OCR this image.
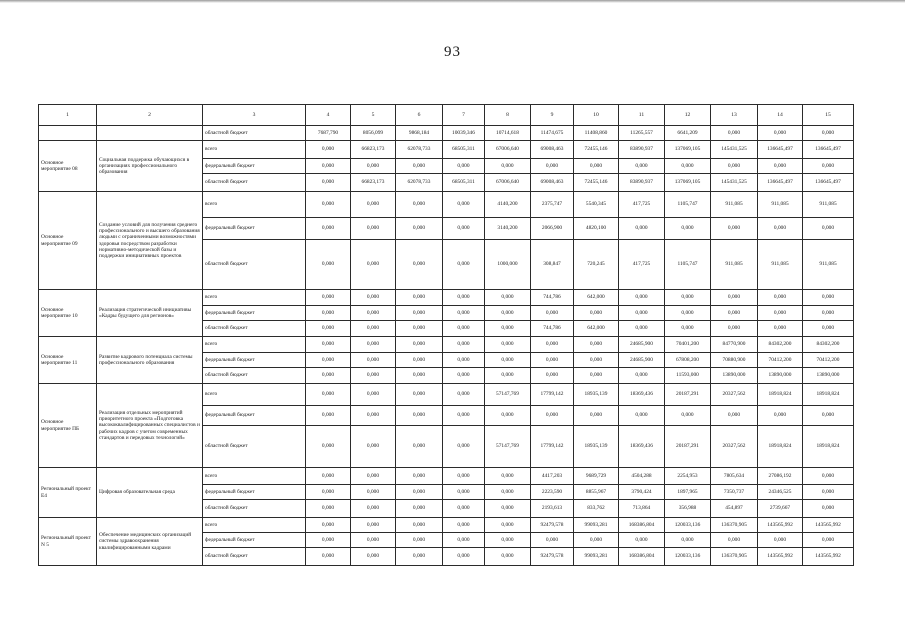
93
1	2	3	4	5	6	7	8	9	10	11	12	13	14	15
		областной бюджет	7687,790	8056,099	9868,184	10039,346	10714,618	11474,675	11408,860	11265,557	6641,209	0,000	0,000	0,000
Основное мероприятие 08	Социальная поддержка обучающихся в организациях профессионального образования	всего	0,000	66823,173	62078,733	68505,311	67006,640	69008,463	72455,146	83890,937	137069,105	145431,525	136645,497	136645,497
		федеральный бюджет	0,000	0,000	0,000	0,000	0,000	0,000	0,000	0,000	0,000	0,000	0,000	0,000
		областной бюджет	0,000	66823,173	62078,733	68505,311	67006,640	69008,463	72455,146	83890,937	137069,105	145431,525	136645,497	136645,497
Основное мероприятие 09	Создание условий для получения среднего профессионального и высшего образования людьми с ограниченными возможностями здоровья посредством разработки нормативно-методической базы и поддержки инициативных проектов	всего	0,000	0,000	0,000	0,000	4140,200	2375,747	5540,345	417,725	1105,747	911,085	911,085	911,085
		федеральный бюджет	0,000	0,000	0,000	0,000	3140,200	2066,900	4820,100	0,000	0,000	0,000	0,000	0,000
		областной бюджет	0,000	0,000	0,000	0,000	1000,000	308,847	720,245	417,725	1105,747	911,085	911,085	911,085
Основное мероприятие 10	Реализация стратегической инициативы «Кадры будущего для регионов»	всего	0,000	0,000	0,000	0,000	0,000	744,786	642,000	0,000	0,000	0,000	0,000	0,000
		федеральный бюджет	0,000	0,000	0,000	0,000	0,000	0,000	0,000	0,000	0,000	0,000	0,000	0,000
		областной бюджет	0,000	0,000	0,000	0,000	0,000	744,786	642,000	0,000	0,000	0,000	0,000	0,000
Основное мероприятие 11	Развитие кадрового потенциала системы профессионального образования	всего	0,000	0,000	0,000	0,000	0,000	0,000	0,000	24685,900	70401,200	84770,900	84302,200	84302,200
		федеральный бюджет	0,000	0,000	0,000	0,000	0,000	0,000	0,000	24685,900	67808,200	70880,900	70412,200	70412,200
		областной бюджет	0,000	0,000	0,000	0,000	0,000	0,000	0,000	0,000	11593,000	13890,000	13890,000	13890,000
Основное мероприятие ПБ	Реализация отдельных мероприятий приоритетного проекта «Подготовка высококвалифицированных специалистов и рабочих кадров с учетом современных стандартов и передовых технологий»	всего	0,000	0,000	0,000	0,000	57147,769	17799,142	18935,139	18369,436	20187,291	20327,562	18918,824	18918,824
		федеральный бюджет	0,000	0,000	0,000	0,000	0,000	0,000	0,000	0,000	0,000	0,000	0,000	0,000
		областной бюджет	0,000	0,000	0,000	0,000	57147,769	17799,142	18935,139	18369,436	20187,291	20327,562	18918,824	18918,824
Региональный проект Е4	Цифровая образовательная среда	всего	0,000	0,000	0,000	0,000	0,000	4417,203	9689,729	4504,288	2254,953	7805,634	27086,192	0,000
		федеральный бюджет	0,000	0,000	0,000	0,000	0,000	2223,590	8855,967	3790,424	1897,965	7350,737	24346,525	0,000
		областной бюджет	0,000	0,000	0,000	0,000	0,000	2193,613	833,762	713,864	356,988	454,897	2739,667	0,000
Региональный проект N 5	Обеспечение медицинских организаций системы здравоохранения квалифицированными кадрами	всего	0,000	0,000	0,000	0,000	0,000	92479,578	99093,281	168386,804	120033,136	136370,905	143565,992	143565,992
		федеральный бюджет	0,000	0,000	0,000	0,000	0,000	0,000	0,000	0,000	0,000	0,000	0,000	0,000
		областной бюджет	0,000	0,000	0,000	0,000	0,000	92479,578	99093,281	168386,804	120033,136	136370,905	143565,992	143565,992
